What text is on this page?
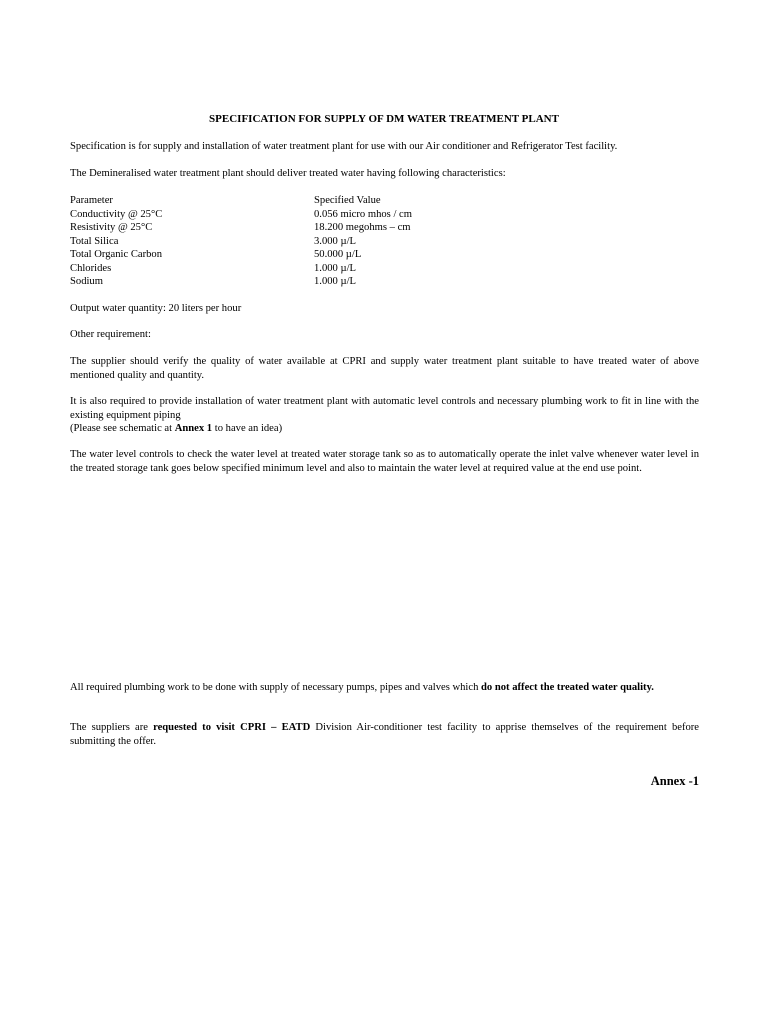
SPECIFICATION FOR SUPPLY OF DM WATER TREATMENT PLANT

Specification is for supply and installation of water treatment plant for use with our Air conditioner and Refrigerator Test facility.

The Demineralised water treatment plant should deliver treated water having following characteristics:

Parameter	Specified Value
Conductivity @ 25°C	0.056 micro mhos / cm
Resistivity @ 25°C	18.200 megohms – cm
Total Silica	3.000 µ/L
Total Organic Carbon	50.000 µ/L
Chlorides	1.000 µ/L
Sodium	1.000 µ/L

Output water quantity: 20 liters per hour

Other requirement:

The supplier should verify the quality of water available at CPRI and supply water treatment plant suitable to have treated water of above mentioned quality and quantity.

It is also required to provide installation of water treatment plant with automatic level controls and necessary plumbing work to fit in line with the existing equipment piping
(Please see schematic at Annex 1 to have an idea)

The water level controls to check the water level at treated water storage tank so as to automatically operate the inlet valve whenever water level in the treated storage tank goes below specified minimum level and also to maintain the water level at required value at the end use point.

All required plumbing work to be done with supply of necessary pumps, pipes and valves which do not affect the treated water quality.

The suppliers are requested to visit CPRI – EATD Division Air-conditioner test facility to apprise themselves of the requirement before submitting the offer.

Annex -1
